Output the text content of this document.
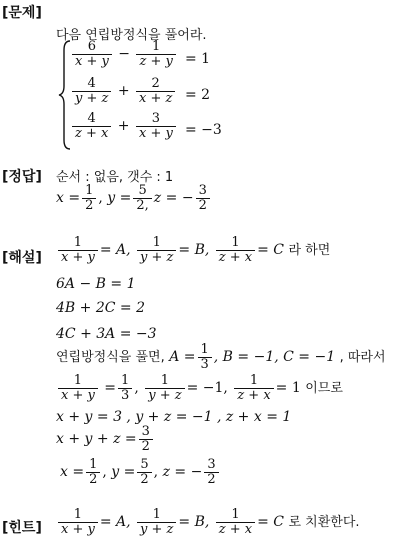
[문제]
다음 연립방정식을 풀어라.
$\frac{6}{x + y} - \frac{1}{z + y} = 1$
$\frac{4}{y + z} + \frac{2}{x + z} = 2$
$\frac{4}{z + x} + \frac{3}{x + y} = -3$
[정답] 순서 : 없음, 갯수 : 1
$x = \frac{1}{2}$ , $y = \frac{5}{2,}$ z = − $\frac{3}{2}$
[해설] $\frac{1}{x + y} = A$, $\frac{1}{y + z} = B$, $\frac{1}{z + x} = C$ 라 하면
6A − B = 1
4B + 2C = 2
4C + 3A = −3
연립방정식을 풀면, $A = \frac{1}{3}$ , B = −1, C = −1 , 따라서
$\frac{1}{x + y} = \frac{1}{3}$ , $\frac{1}{y + z} = -1$, $\frac{1}{z + x} = 1$ 이므로
x + y = 3 , y + z = −1 , z + x = 1
$x + y + z = \frac{3}{2}$
$x = \frac{1}{2}$ , $y = \frac{5}{2}$ , z = − $\frac{3}{2}$
[힌트] $\frac{1}{x + y} = A$, $\frac{1}{y + z} = B$, $\frac{1}{z + x} = C$ 로 치환한다.
